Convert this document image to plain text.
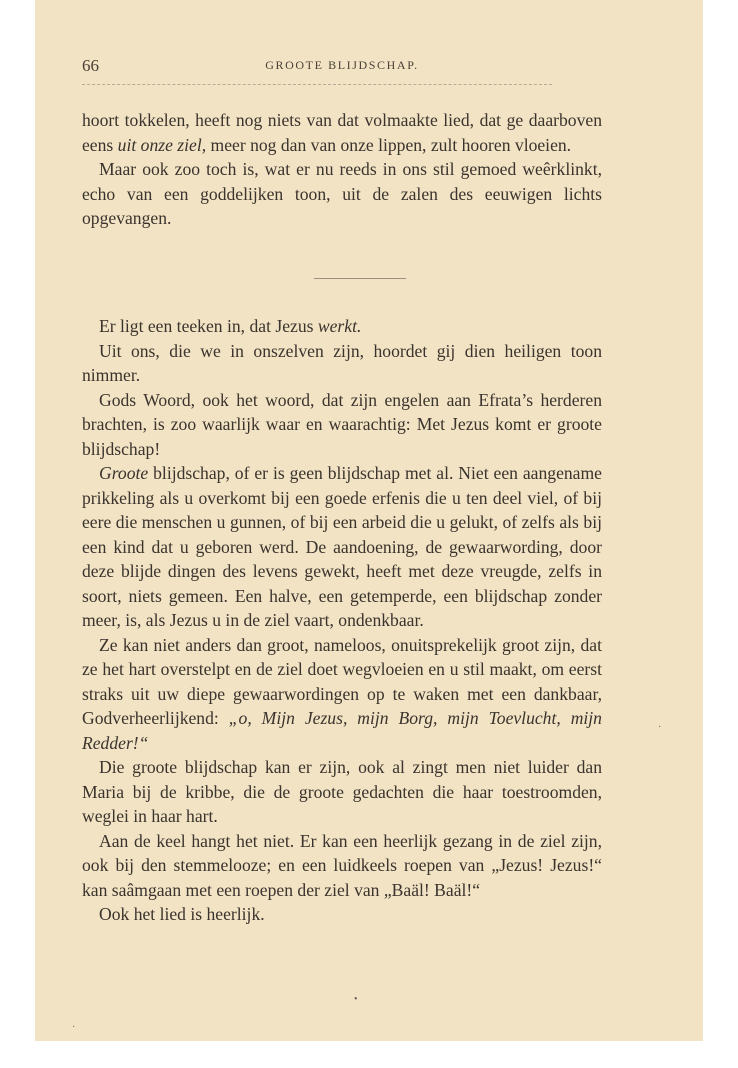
66	GROOTE BLIJDSCHAP.

hoort tokkelen, heeft nog niets van dat volmaakte lied, dat ge daarboven eens uit onze ziel, meer nog dan van onze lippen, zult hooren vloeien.

Maar ook zoo toch is, wat er nu reeds in ons stil gemoed weêrklinkt, echo van een goddelijken toon, uit de zalen des eeuwigen lichts opgevangen.

Er ligt een teeken in, dat Jezus werkt.

Uit ons, die we in onszelven zijn, hoordet gij dien heiligen toon nimmer.

Gods Woord, ook het woord, dat zijn engelen aan Efrata’s herderen brachten, is zoo waarlijk waar en waarachtig: Met Jezus komt er groote blijdschap!

Groote blijdschap, of er is geen blijdschap met al. Niet een aangename prikkeling als u overkomt bij een goede erfenis die u ten deel viel, of bij eere die menschen u gunnen, of bij een arbeid die u gelukt, of zelfs als bij een kind dat u geboren werd. De aandoening, de gewaarwording, door deze blijde dingen des levens gewekt, heeft met deze vreugde, zelfs in soort, niets gemeen. Een halve, een getemperde, een blijdschap zonder meer, is, als Jezus u in de ziel vaart, ondenkbaar.

Ze kan niet anders dan groot, nameloos, onuitsprekelijk groot zijn, dat ze het hart overstelpt en de ziel doet wegvloeien en u stil maakt, om eerst straks uit uw diepe gewaarwordingen op te waken met een dankbaar, Godverheerlijkend: „o, Mijn Jezus, mijn Borg, mijn Toevlucht, mijn Redder!“

Die groote blijdschap kan er zijn, ook al zingt men niet luider dan Maria bij de kribbe, die de groote gedachten die haar toestroomden, weglei in haar hart.

Aan de keel hangt het niet. Er kan een heerlijk gezang in de ziel zijn, ook bij den stemmelooze; en een luidkeels roepen van „Jezus! Jezus!“ kan saâmgaan met een roepen der ziel van „Baäl! Baäl!“

Ook het lied is heerlijk.

•
·
·
